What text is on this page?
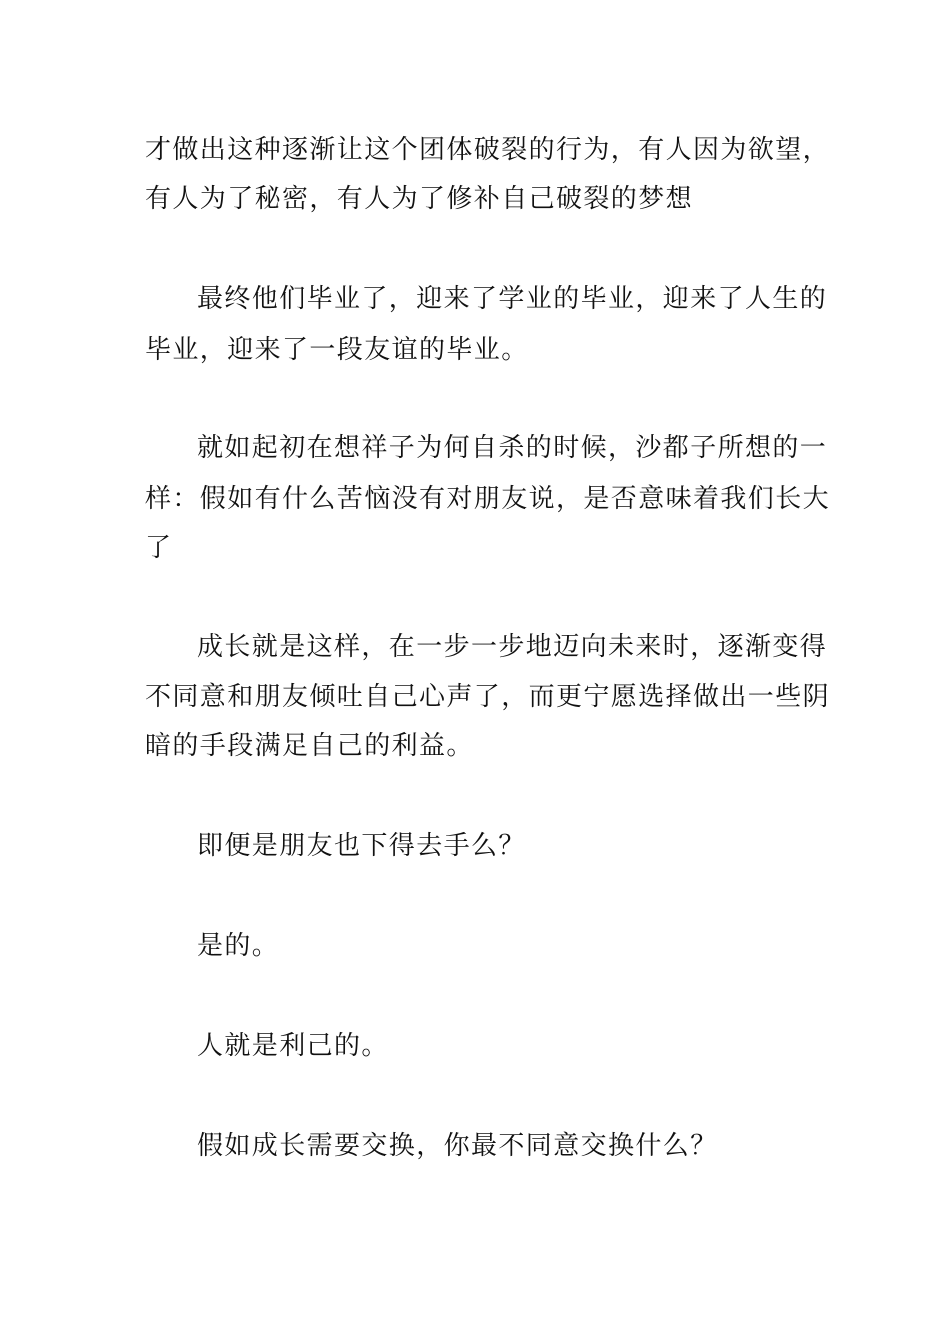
才做出这种逐渐让这个团体破裂的行为，有人因为欲望，
有人为了秘密，有人为了修补自己破裂的梦想
最终他们毕业了，迎来了学业的毕业，迎来了人生的
毕业，迎来了一段友谊的毕业。
就如起初在想祥子为何自杀的时候，沙都子所想的一
样：假如有什么苦恼没有对朋友说，是否意味着我们长大
了
成长就是这样，在一步一步地迈向未来时，逐渐变得
不同意和朋友倾吐自己心声了，而更宁愿选择做出一些阴
暗的手段满足自己的利益。
即便是朋友也下得去手么？
是的。
人就是利己的。
假如成长需要交换，你最不同意交换什么？
